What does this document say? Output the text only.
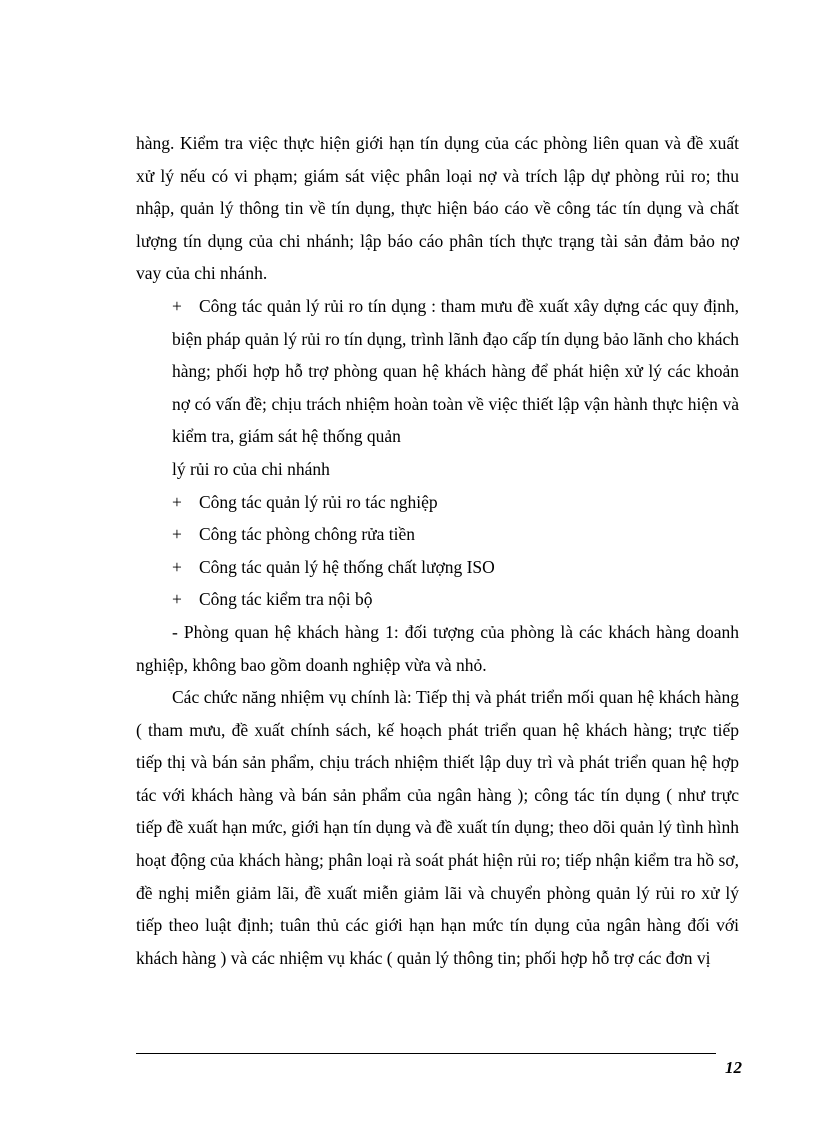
hàng. Kiểm tra việc thực hiện giới hạn tín dụng của các phòng liên quan và đề xuất xử lý nếu có vi phạm; giám sát việc phân loại nợ và trích lập dự phòng rủi ro; thu nhập, quản lý thông tin về tín dụng, thực hiện báo cáo về công tác tín dụng và chất lượng tín dụng của chi nhánh; lập báo cáo phân tích thực trạng tài sản đảm bảo nợ vay của chi nhánh.

+ Công tác quản lý rủi ro tín dụng : tham mưu đề xuất xây dựng các quy định, biện pháp quản lý rủi ro tín dụng, trình lãnh đạo cấp tín dụng bảo lãnh cho khách hàng; phối hợp hỗ trợ phòng quan hệ khách hàng để phát hiện xử lý các khoản nợ có vấn đề; chịu trách nhiệm hoàn toàn về việc thiết lập vận hành thực hiện và kiểm tra, giám sát hệ thống quản

lý rủi ro của chi nhánh

+ Công tác quản lý rủi ro tác nghiệp

+ Công tác phòng chông rửa tiền

+ Công tác quản lý hệ thống chất lượng ISO

+ Công tác kiểm tra nội bộ

- Phòng quan hệ khách hàng 1: đối tượng của phòng là các khách hàng doanh nghiệp, không bao gồm doanh nghiệp vừa và nhỏ.

Các chức năng nhiệm vụ chính là: Tiếp thị và phát triển mối quan hệ khách hàng ( tham mưu, đề xuất chính sách, kế hoạch phát triển quan hệ khách hàng; trực tiếp tiếp thị và bán sản phẩm, chịu trách nhiệm thiết lập duy trì và phát triển quan hệ hợp tác với khách hàng và bán sản phẩm của ngân hàng ); công tác tín dụng ( như trực tiếp đề xuất hạn mức, giới hạn tín dụng và đề xuất tín dụng; theo dõi quản lý tình hình hoạt động của khách hàng; phân loại rà soát phát hiện rủi ro; tiếp nhận kiểm tra hồ sơ, đề nghị miễn giảm lãi, đề xuất miễn giảm lãi và chuyển phòng quản lý rủi ro xử lý tiếp theo luật định; tuân thủ các giới hạn hạn mức tín dụng của ngân hàng đối với khách hàng ) và các nhiệm vụ khác ( quản lý thông tin; phối hợp hỗ trợ các đơn vị

12
